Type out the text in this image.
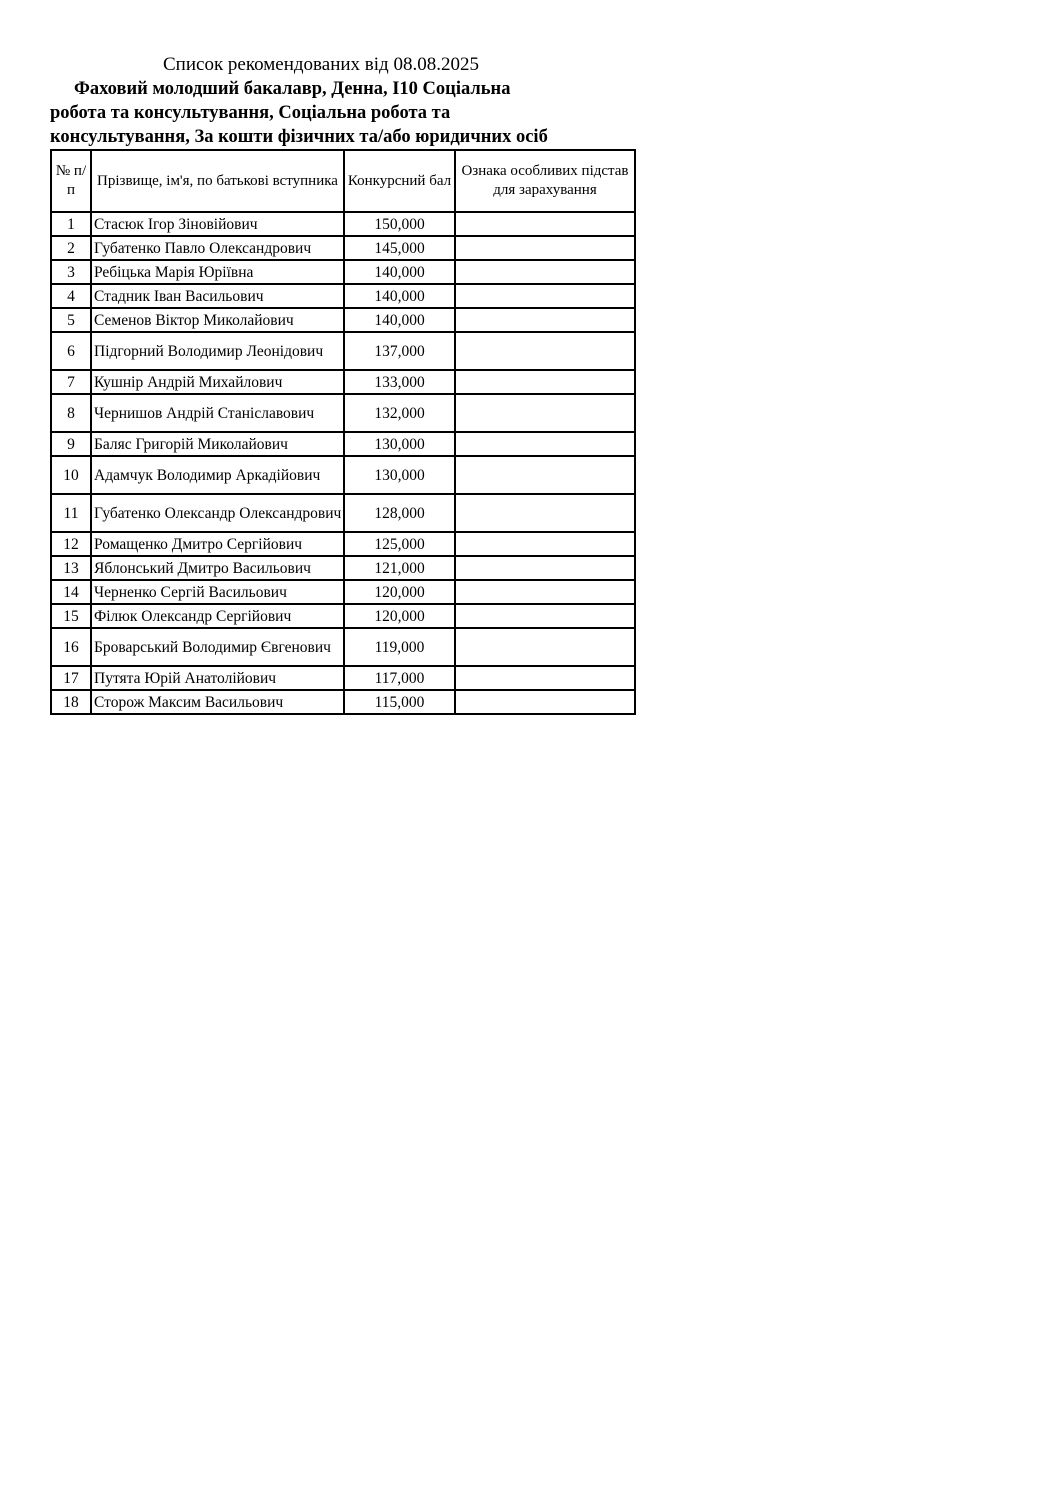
Список рекомендованих від 08.08.2025
Фаховий молодший бакалавр, Денна, I10 Соціальна
робота та консультування, Соціальна робота та
консультування, За кошти фізичних та/або юридичних осіб
№ п/п	Прізвище, ім'я, по батькові вступника	Конкурсний бал	Ознака особливих підстав для зарахування
1	Стасюк Ігор Зіновійович	150,000	
2	Губатенко Павло Олександрович	145,000	
3	Ребіцька Марія Юріївна	140,000	
4	Стадник Іван Васильович	140,000	
5	Семенов Віктор Миколайович	140,000	
6	Підгорний Володимир Леонідович	137,000	
7	Кушнір Андрій Михайлович	133,000	
8	Чернишов Андрій Станіславович	132,000	
9	Баляс Григорій Миколайович	130,000	
10	Адамчук Володимир Аркадійович	130,000	
11	Губатенко Олександр Олександрович	128,000	
12	Ромащенко Дмитро Сергійович	125,000	
13	Яблонський Дмитро Васильович	121,000	
14	Черненко Сергій Васильович	120,000	
15	Філюк Олександр Сергійович	120,000	
16	Броварський Володимир Євгенович	119,000	
17	Путята Юрій Анатолійович	117,000	
18	Сторож Максим Васильович	115,000	
